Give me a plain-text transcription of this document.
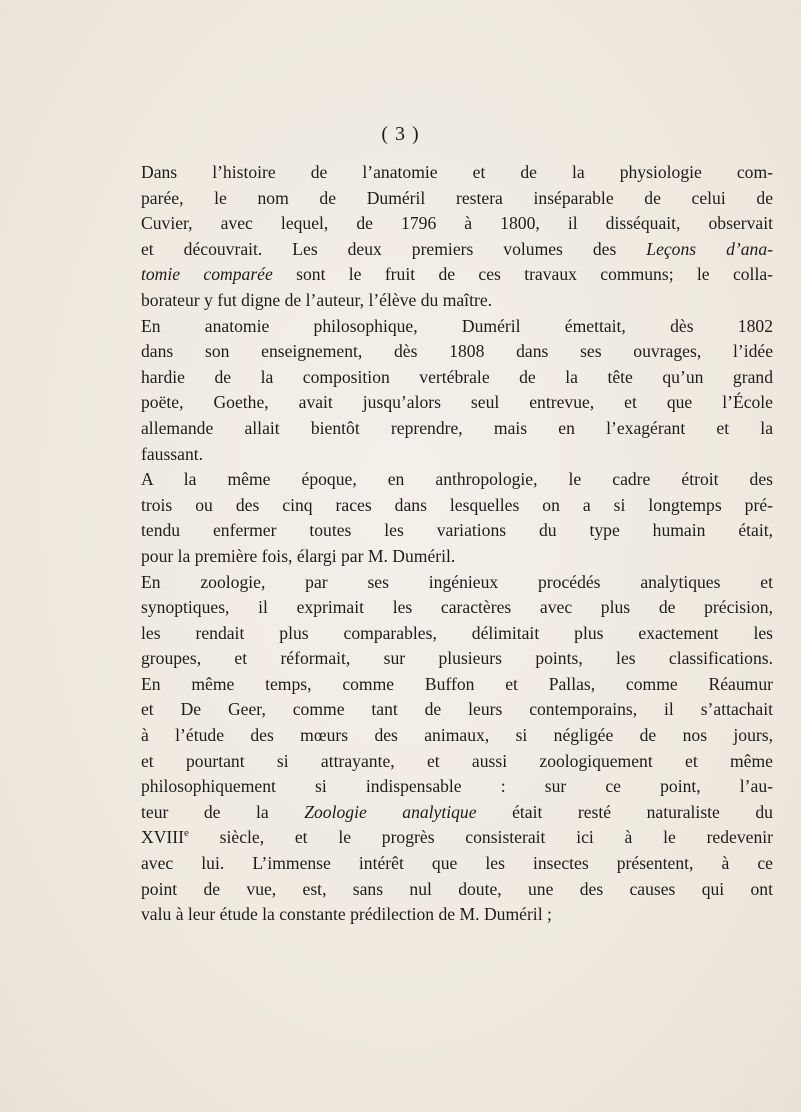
( 3 )

Dans l’histoire de l’anatomie et de la physiologie com-
parée, le nom de Duméril restera inséparable de celui de
Cuvier, avec lequel, de 1796 à 1800, il disséquait, observait
et découvrait. Les deux premiers volumes des Leçons d’ana-
tomie comparée sont le fruit de ces travaux communs; le colla-
borateur y fut digne de l’auteur, l’élève du maître.

En anatomie philosophique, Duméril émettait, dès 1802
dans son enseignement, dès 1808 dans ses ouvrages, l’idée
hardie de la composition vertébrale de la tête qu’un grand
poëte, Goethe, avait jusqu’alors seul entrevue, et que l’École
allemande allait bientôt reprendre, mais en l’exagérant et la
faussant.

A la même époque, en anthropologie, le cadre étroit des
trois ou des cinq races dans lesquelles on a si longtemps pré-
tendu enfermer toutes les variations du type humain était,
pour la première fois, élargi par M. Duméril.

En zoologie, par ses ingénieux procédés analytiques et
synoptiques, il exprimait les caractères avec plus de précision,
les rendait plus comparables, délimitait plus exactement les
groupes, et réformait, sur plusieurs points, les classifications.
En même temps, comme Buffon et Pallas, comme Réaumur
et De Geer, comme tant de leurs contemporains, il s’attachait
à l’étude des mœurs des animaux, si négligée de nos jours,
et pourtant si attrayante, et aussi zoologiquement et même
philosophiquement si indispensable : sur ce point, l’au-
teur de la Zoologie analytique était resté naturaliste du
XVIIIe siècle, et le progrès consisterait ici à le redevenir
avec lui. L’immense intérêt que les insectes présentent, à ce
point de vue, est, sans nul doute, une des causes qui ont
valu à leur étude la constante prédilection de M. Duméril ;
